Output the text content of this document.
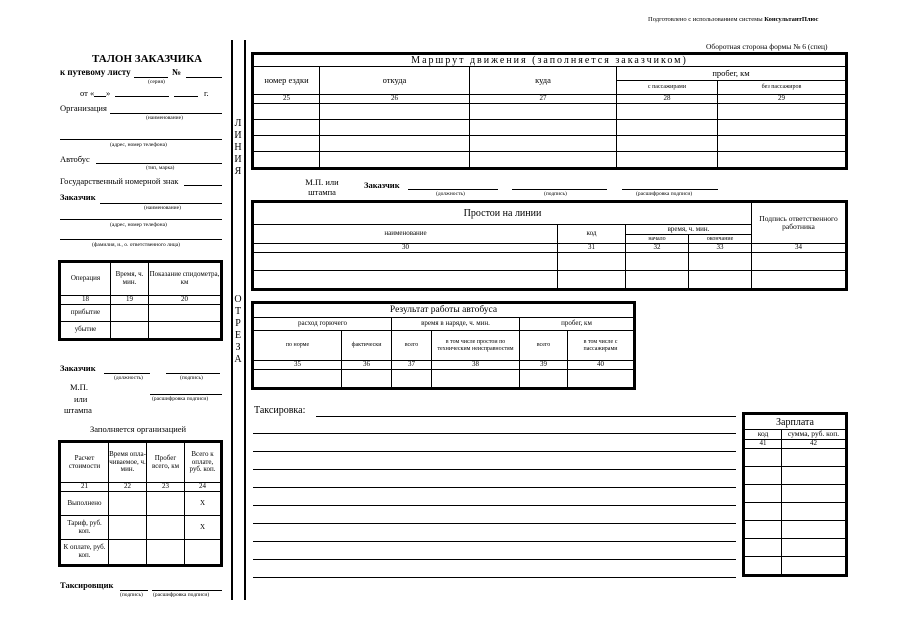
Подготовлено с использованием системы КонсультантПлюс
Оборотная сторона формы № 6 (спец)
ТАЛОН ЗАКАЗЧИКА
к путевому листу	№
(серия)
от « »	г.
Организация
(наименование)
(адрес, номер телефона)
Автобус
(тип, марка)
Государственный номерной знак
Заказчик
(наименование)
(адрес, номер телефона)
(фамилия, и., о. ответственного лица)
Операция	Время, ч. мин.	Показание спидометра, км
18	19	20
прибытие		
убытие		
Заказчик
(должность)	(подпись)
М.П.
или
штампа
(расшифровка подписи)
Заполняется организацией
Расчет стоимости	Время опла-чиваемое, ч. мин.	Пробег всего, км	Всего к оплате, руб. коп.
21	22	23	24
Выполнено			X
Тариф, руб. коп.			X
К оплате, руб. коп.			
Таксировщик
(подпись) (расшифровка подписи)
Л
И
Н
И
Я
О
Т
Р
Е
З
А
Маршрут движения (заполняется заказчиком)				
номер ездки	откуда	куда	пробег, км	
			с пассажирами	без пассажиров
25	26	27	28	29

М.П. или штампа
Заказчик
(должность)	(подпись)	(расшифровка подписи)
Простои на линии				Подпись ответственного работника
наименование	код	время, ч. мин.		
		начало	окончание	
30	31	32	33	34

Результат работы автобуса					
расход горючего		время в наряде, ч. мин.		пробег, км	
по норме	фактически	всего	в том числе простои по техническим неисправностям	всего	в том числе с пассажирами
35	36	37	38	39	40

Таксировка:
Зарплата	
код	сумма, руб. коп.
41	42
